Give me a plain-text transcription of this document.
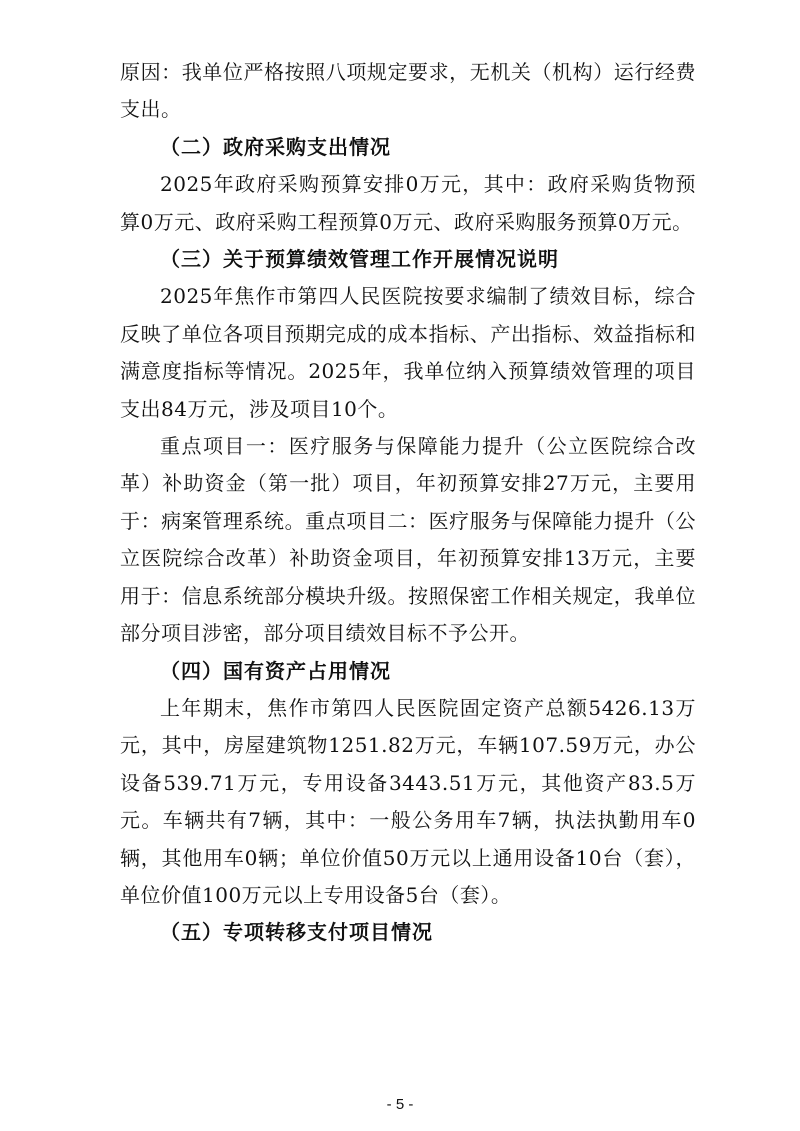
原因：我单位严格按照八项规定要求，无机关（机构）运行经费支出。

（二）政府采购支出情况

2025年政府采购预算安排0万元，其中：政府采购货物预算0万元、政府采购工程预算0万元、政府采购服务预算0万元。

（三）关于预算绩效管理工作开展情况说明

2025年焦作市第四人民医院按要求编制了绩效目标，综合反映了单位各项目预期完成的成本指标、产出指标、效益指标和满意度指标等情况。2025年，我单位纳入预算绩效管理的项目支出84万元，涉及项目10个。

重点项目一：医疗服务与保障能力提升（公立医院综合改革）补助资金（第一批）项目，年初预算安排27万元，主要用于：病案管理系统。重点项目二：医疗服务与保障能力提升（公立医院综合改革）补助资金项目，年初预算安排13万元，主要用于：信息系统部分模块升级。按照保密工作相关规定，我单位部分项目涉密，部分项目绩效目标不予公开。

（四）国有资产占用情况

上年期末，焦作市第四人民医院固定资产总额5426.13万元，其中，房屋建筑物1251.82万元，车辆107.59万元，办公设备539.71万元，专用设备3443.51万元，其他资产83.5万元。车辆共有7辆，其中：一般公务用车7辆，执法执勤用车0辆，其他用车0辆；单位价值50万元以上通用设备10台（套），单位价值100万元以上专用设备5台（套）。

（五）专项转移支付项目情况
- 5 -
